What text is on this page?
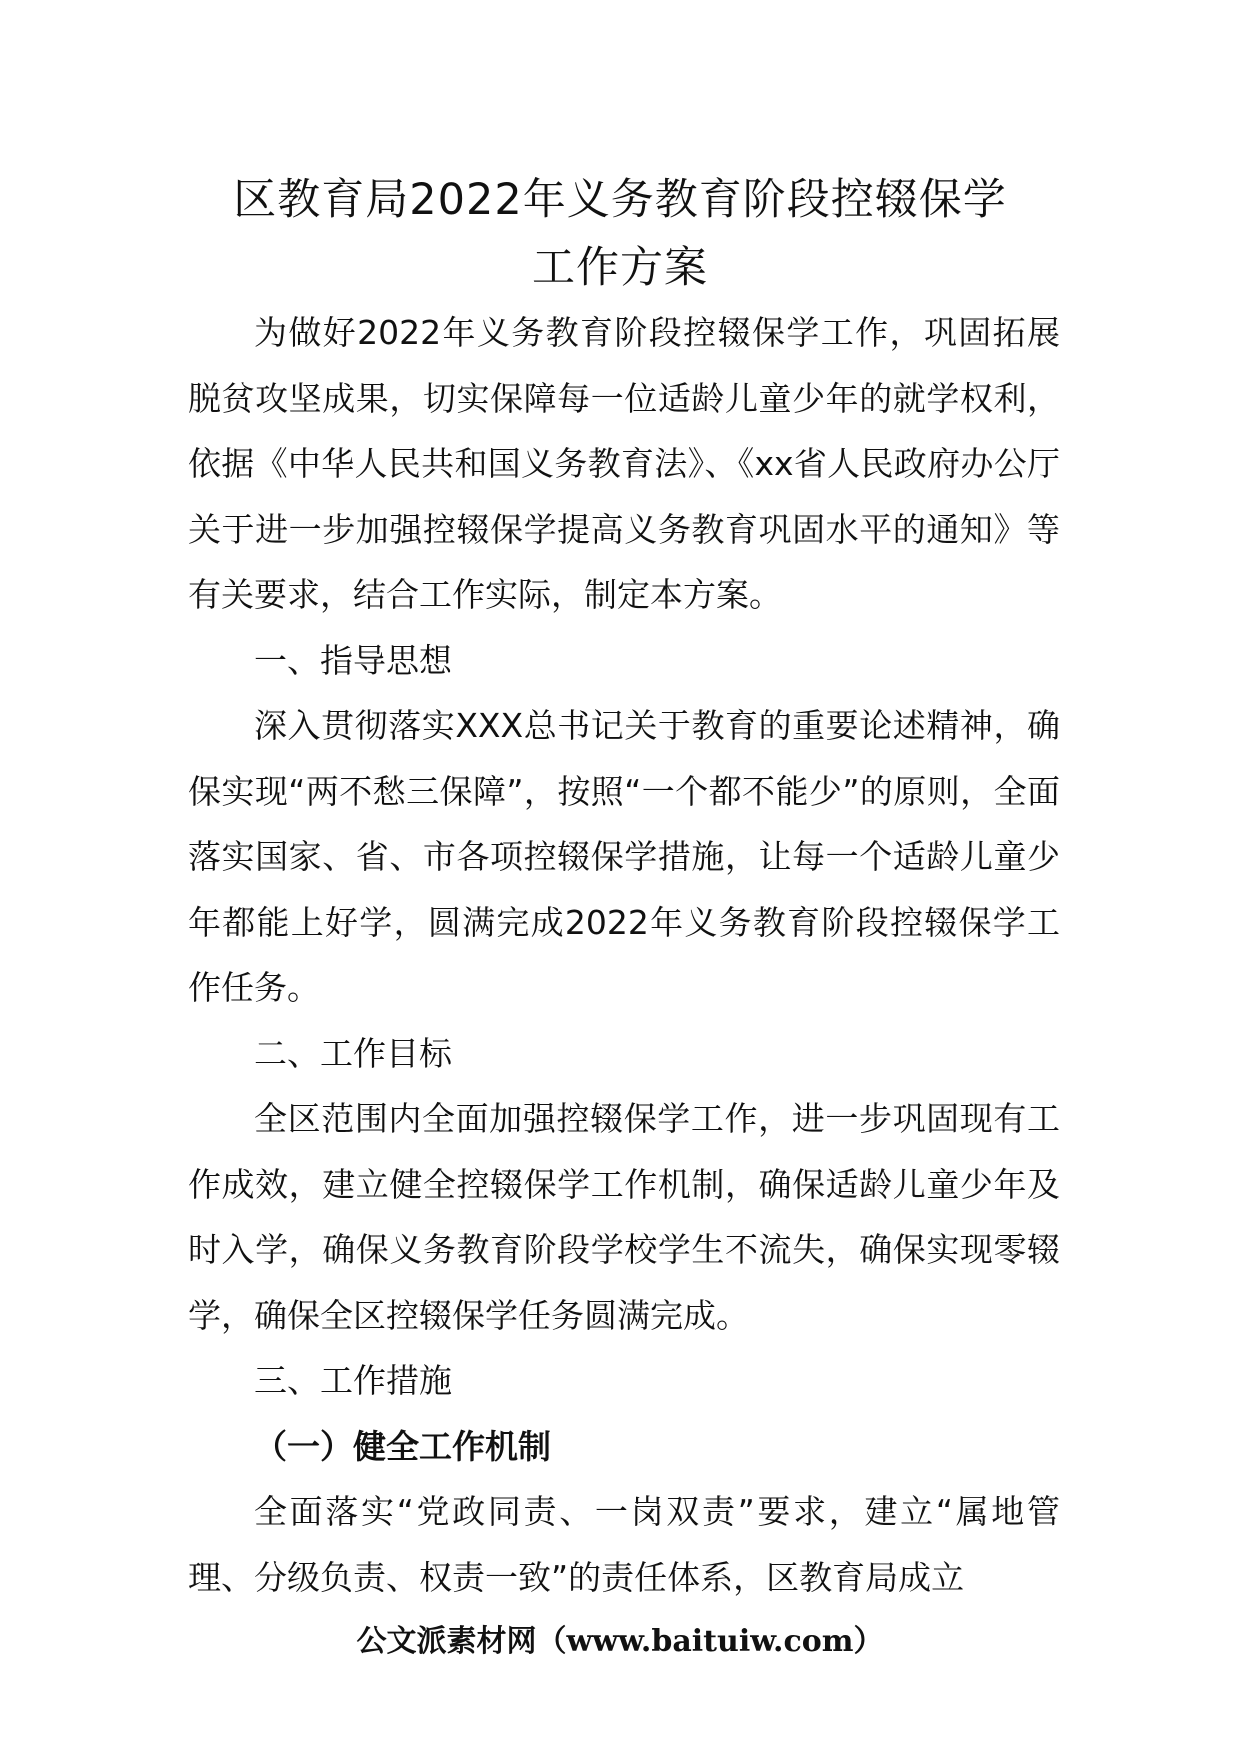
区教育局2022年义务教育阶段控辍保学
工作方案

为做好2022年义务教育阶段控辍保学工作，巩固拓展脱贫攻坚成果，切实保障每一位适龄儿童少年的就学权利，依据《中华人民共和国义务教育法》、《xx省人民政府办公厅关于进一步加强控辍保学提高义务教育巩固水平的通知》等有关要求，结合工作实际，制定本方案。

一、指导思想

深入贯彻落实XXX总书记关于教育的重要论述精神，确保实现“两不愁三保障”，按照“一个都不能少”的原则，全面落实国家、省、市各项控辍保学措施，让每一个适龄儿童少年都能上好学，圆满完成2022年义务教育阶段控辍保学工作任务。

二、工作目标

全区范围内全面加强控辍保学工作，进一步巩固现有工作成效，建立健全控辍保学工作机制，确保适龄儿童少年及时入学，确保义务教育阶段学校学生不流失，确保实现零辍学，确保全区控辍保学任务圆满完成。

三、工作措施

（一）健全工作机制

全面落实“党政同责、一岗双责”要求，建立“属地管理、分级负责、权责一致”的责任体系，区教育局成立

公文派素材网（www.baituiw.com）
